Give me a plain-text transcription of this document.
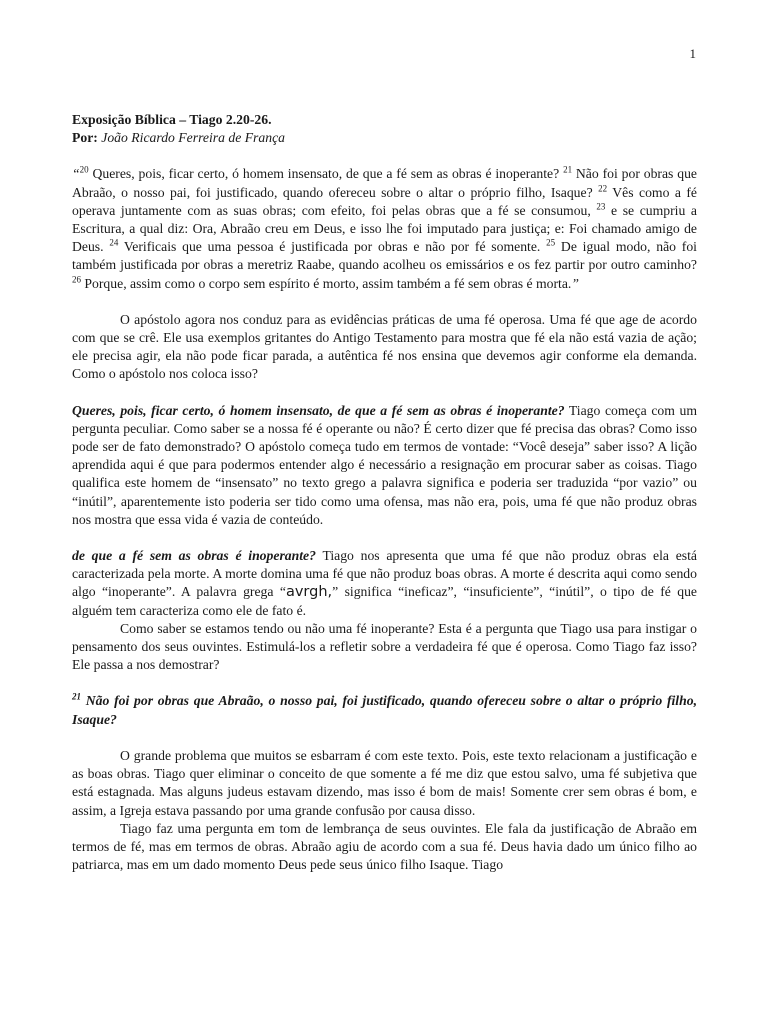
1

Exposição Bíblica – Tiago 2.20-26.

Por: João Ricardo Ferreira de França

“$^{20}$ Queres, pois, ficar certo, ó homem insensato, de que a fé sem as obras é inoperante? $^{21}$ Não foi por obras que Abraão, o nosso pai, foi justificado, quando ofereceu sobre o altar o próprio filho, Isaque? $^{22}$ Vês como a fé operava juntamente com as suas obras; com efeito, foi pelas obras que a fé se consumou, $^{23}$ e se cumpriu a Escritura, a qual diz: Ora, Abraão creu em Deus, e isso lhe foi imputado para justiça; e: Foi chamado amigo de Deus. $^{24}$ Verificais que uma pessoa é justificada por obras e não por fé somente. $^{25}$ De igual modo, não foi também justificada por obras a meretriz Raabe, quando acolheu os emissários e os fez partir por outro caminho? $^{26}$ Porque, assim como o corpo sem espírito é morto, assim também a fé sem obras é morta.”

O apóstolo agora nos conduz para as evidências práticas de uma fé operosa. Uma fé que age de acordo com que se crê. Ele usa exemplos gritantes do Antigo Testamento para mostra que fé ela não está vazia de ação; ele precisa agir, ela não pode ficar parada, a autêntica fé nos ensina que devemos agir conforme ela demanda. Como o apóstolo nos coloca isso?

Queres, pois, ficar certo, ó homem insensato, de que a fé sem as obras é inoperante? Tiago começa com um pergunta peculiar. Como saber se a nossa fé é operante ou não? É certo dizer que fé precisa das obras? Como isso pode ser de fato demonstrado? O apóstolo começa tudo em termos de vontade: “Você deseja” saber isso? A lição aprendida aqui é que para podermos entender algo é necessário a resignação em procurar saber as coisas. Tiago qualifica este homem de “insensato” no texto grego a palavra significa e poderia ser traduzida “por vazio” ou “inútil”, aparentemente isto poderia ser tido como uma ofensa, mas não era, pois, uma fé que não produz obras nos mostra que essa vida é vazia de conteúdo.

de que a fé sem as obras é inoperante? Tiago nos apresenta que uma fé que não produz obras ela está caracterizada pela morte. A morte domina uma fé que não produz boas obras. A morte é descrita aqui como sendo algo “inoperante”. A palavra grega “avrgh,” significa “ineficaz”, “insuficiente”, “inútil”, o tipo de fé que alguém tem caracteriza como ele de fato é.

Como saber se estamos tendo ou não uma fé inoperante? Esta é a pergunta que Tiago usa para instigar o pensamento dos seus ouvintes. Estimulá-los a refletir sobre a verdadeira fé que é operosa. Como Tiago faz isso? Ele passa a nos demostrar?

$^{21}$ Não foi por obras que Abraão, o nosso pai, foi justificado, quando ofereceu sobre o altar o próprio filho, Isaque?

O grande problema que muitos se esbarram é com este texto. Pois, este texto relacionam a justificação e as boas obras. Tiago quer eliminar o conceito de que somente a fé me diz que estou salvo, uma fé subjetiva que está estagnada. Mas alguns judeus estavam dizendo, mas isso é bom de mais! Somente crer sem obras é bom, e assim, a Igreja estava passando por uma grande confusão por causa disso.

Tiago faz uma pergunta em tom de lembrança de seus ouvintes. Ele fala da justificação de Abraão em termos de fé, mas em termos de obras. Abraão agiu de acordo com a sua fé. Deus havia dado um único filho ao patriarca, mas em um dado momento Deus pede seus único filho Isaque. Tiago
